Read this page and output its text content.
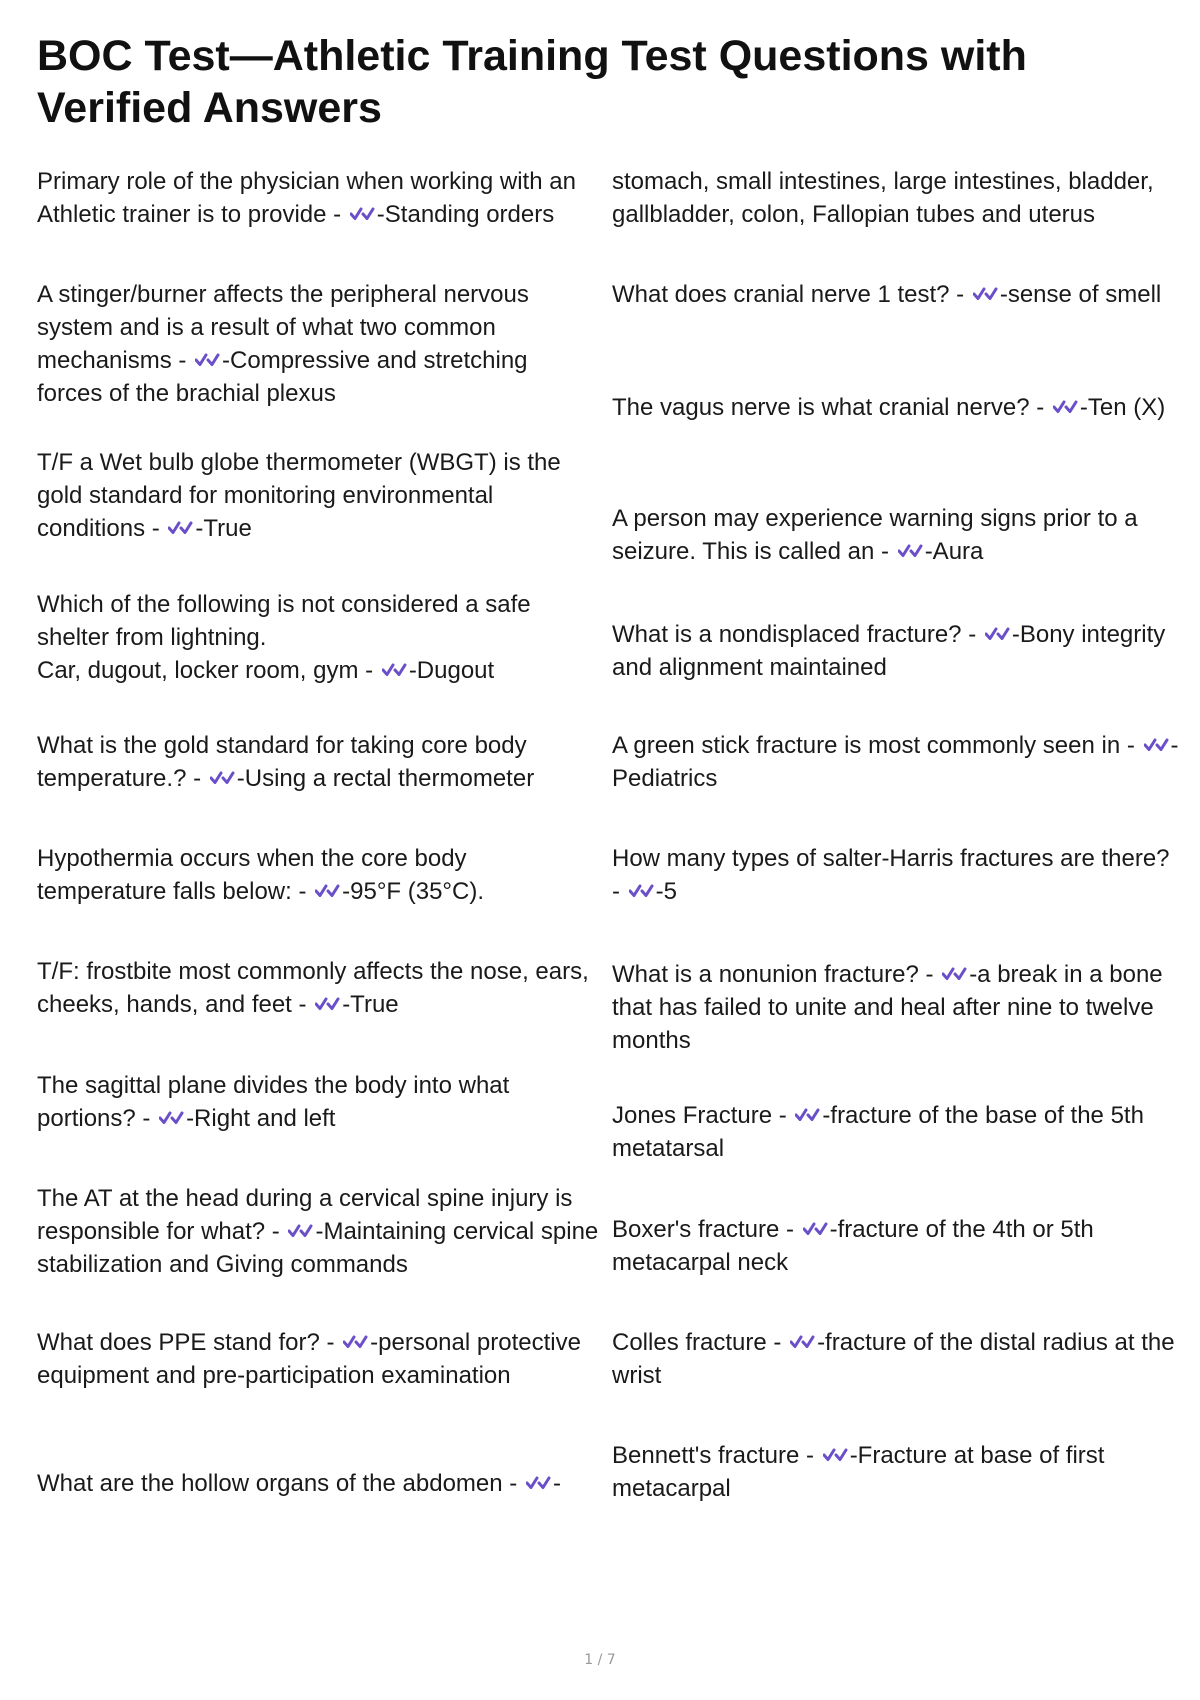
BOC Test—Athletic Training Test Questions with Verified Answers

Primary role of the physician when working with an Athletic trainer is to provide - -Standing orders

A stinger/burner affects the peripheral nervous system and is a result of what two common mechanisms - -Compressive and stretching forces of the brachial plexus

T/F a Wet bulb globe thermometer (WBGT) is the gold standard for monitoring environmental conditions - -True

Which of the following is not considered a safe shelter from lightning.
Car, dugout, locker room, gym - -Dugout

What is the gold standard for taking core body temperature.? - -Using a rectal thermometer

Hypothermia occurs when the core body temperature falls below: - -95°F (35°C).

T/F: frostbite most commonly affects the nose, ears, cheeks, hands, and feet - -True

The sagittal plane divides the body into what portions? - -Right and left

The AT at the head during a cervical spine injury is responsible for what? - -Maintaining cervical spine stabilization and Giving commands

What does PPE stand for? - -personal protective equipment and pre-participation examination

What are the hollow organs of the abdomen - -

stomach, small intestines, large intestines, bladder, gallbladder, colon, Fallopian tubes and uterus

What does cranial nerve 1 test? - -sense of smell

The vagus nerve is what cranial nerve? - -Ten (X)

A person may experience warning signs prior to a seizure. This is called an - -Aura

What is a nondisplaced fracture? - -Bony integrity and alignment maintained

A green stick fracture is most commonly seen in - -Pediatrics

How many types of salter-Harris fractures are there? - -5

What is a nonunion fracture? - -a break in a bone that has failed to unite and heal after nine to twelve months

Jones Fracture - -fracture of the base of the 5th metatarsal

Boxer's fracture - -fracture of the 4th or 5th metacarpal neck

Colles fracture - -fracture of the distal radius at the wrist

Bennett's fracture - -Fracture at base of first metacarpal

1 / 7
